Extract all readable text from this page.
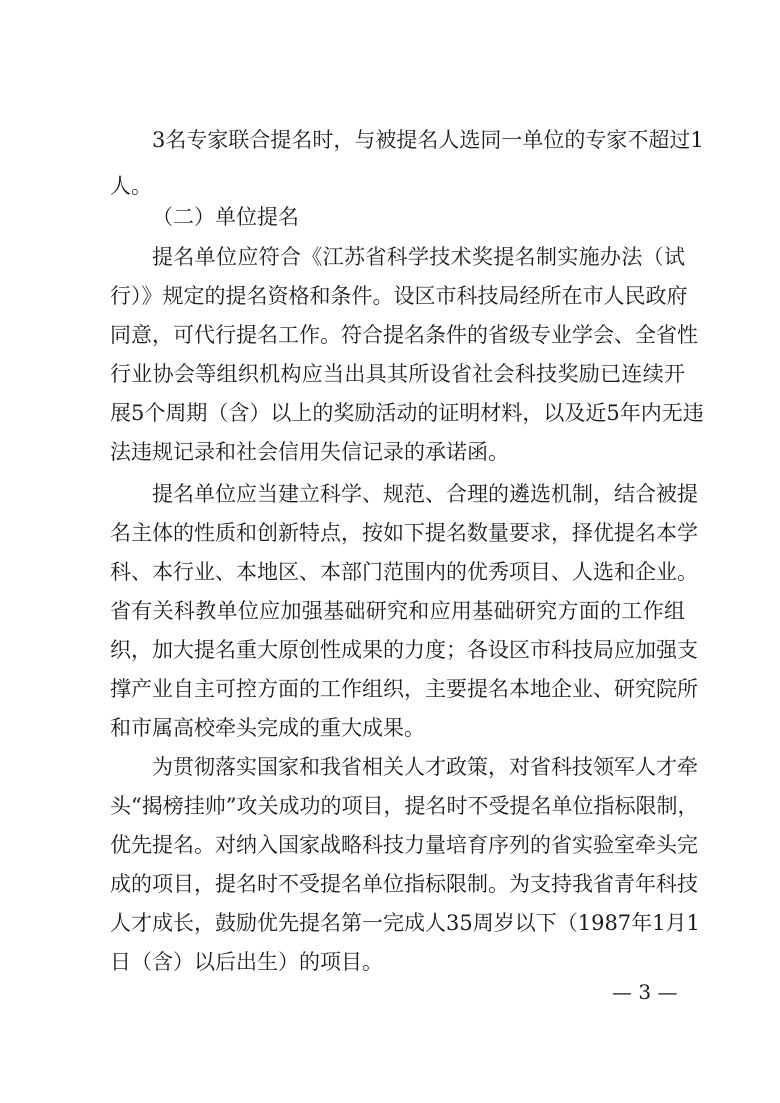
3名专家联合提名时，与被提名人选同一单位的专家不超过1
人。
（二）单位提名
提名单位应符合《江苏省科学技术奖提名制实施办法（试
行）》规定的提名资格和条件。设区市科技局经所在市人民政府
同意，可代行提名工作。符合提名条件的省级专业学会、全省性
行业协会等组织机构应当出具其所设省社会科技奖励已连续开
展5个周期（含）以上的奖励活动的证明材料，以及近5年内无违
法违规记录和社会信用失信记录的承诺函。
提名单位应当建立科学、规范、合理的遴选机制，结合被提
名主体的性质和创新特点，按如下提名数量要求，择优提名本学
科、本行业、本地区、本部门范围内的优秀项目、人选和企业。
省有关科教单位应加强基础研究和应用基础研究方面的工作组
织，加大提名重大原创性成果的力度；各设区市科技局应加强支
撑产业自主可控方面的工作组织，主要提名本地企业、研究院所
和市属高校牵头完成的重大成果。
为贯彻落实国家和我省相关人才政策，对省科技领军人才牵
头“揭榜挂帅”攻关成功的项目，提名时不受提名单位指标限制，
优先提名。对纳入国家战略科技力量培育序列的省实验室牵头完
成的项目，提名时不受提名单位指标限制。为支持我省青年科技
人才成长，鼓励优先提名第一完成人35周岁以下（1987年1月1
日（含）以后出生）的项目。
— 3 —
